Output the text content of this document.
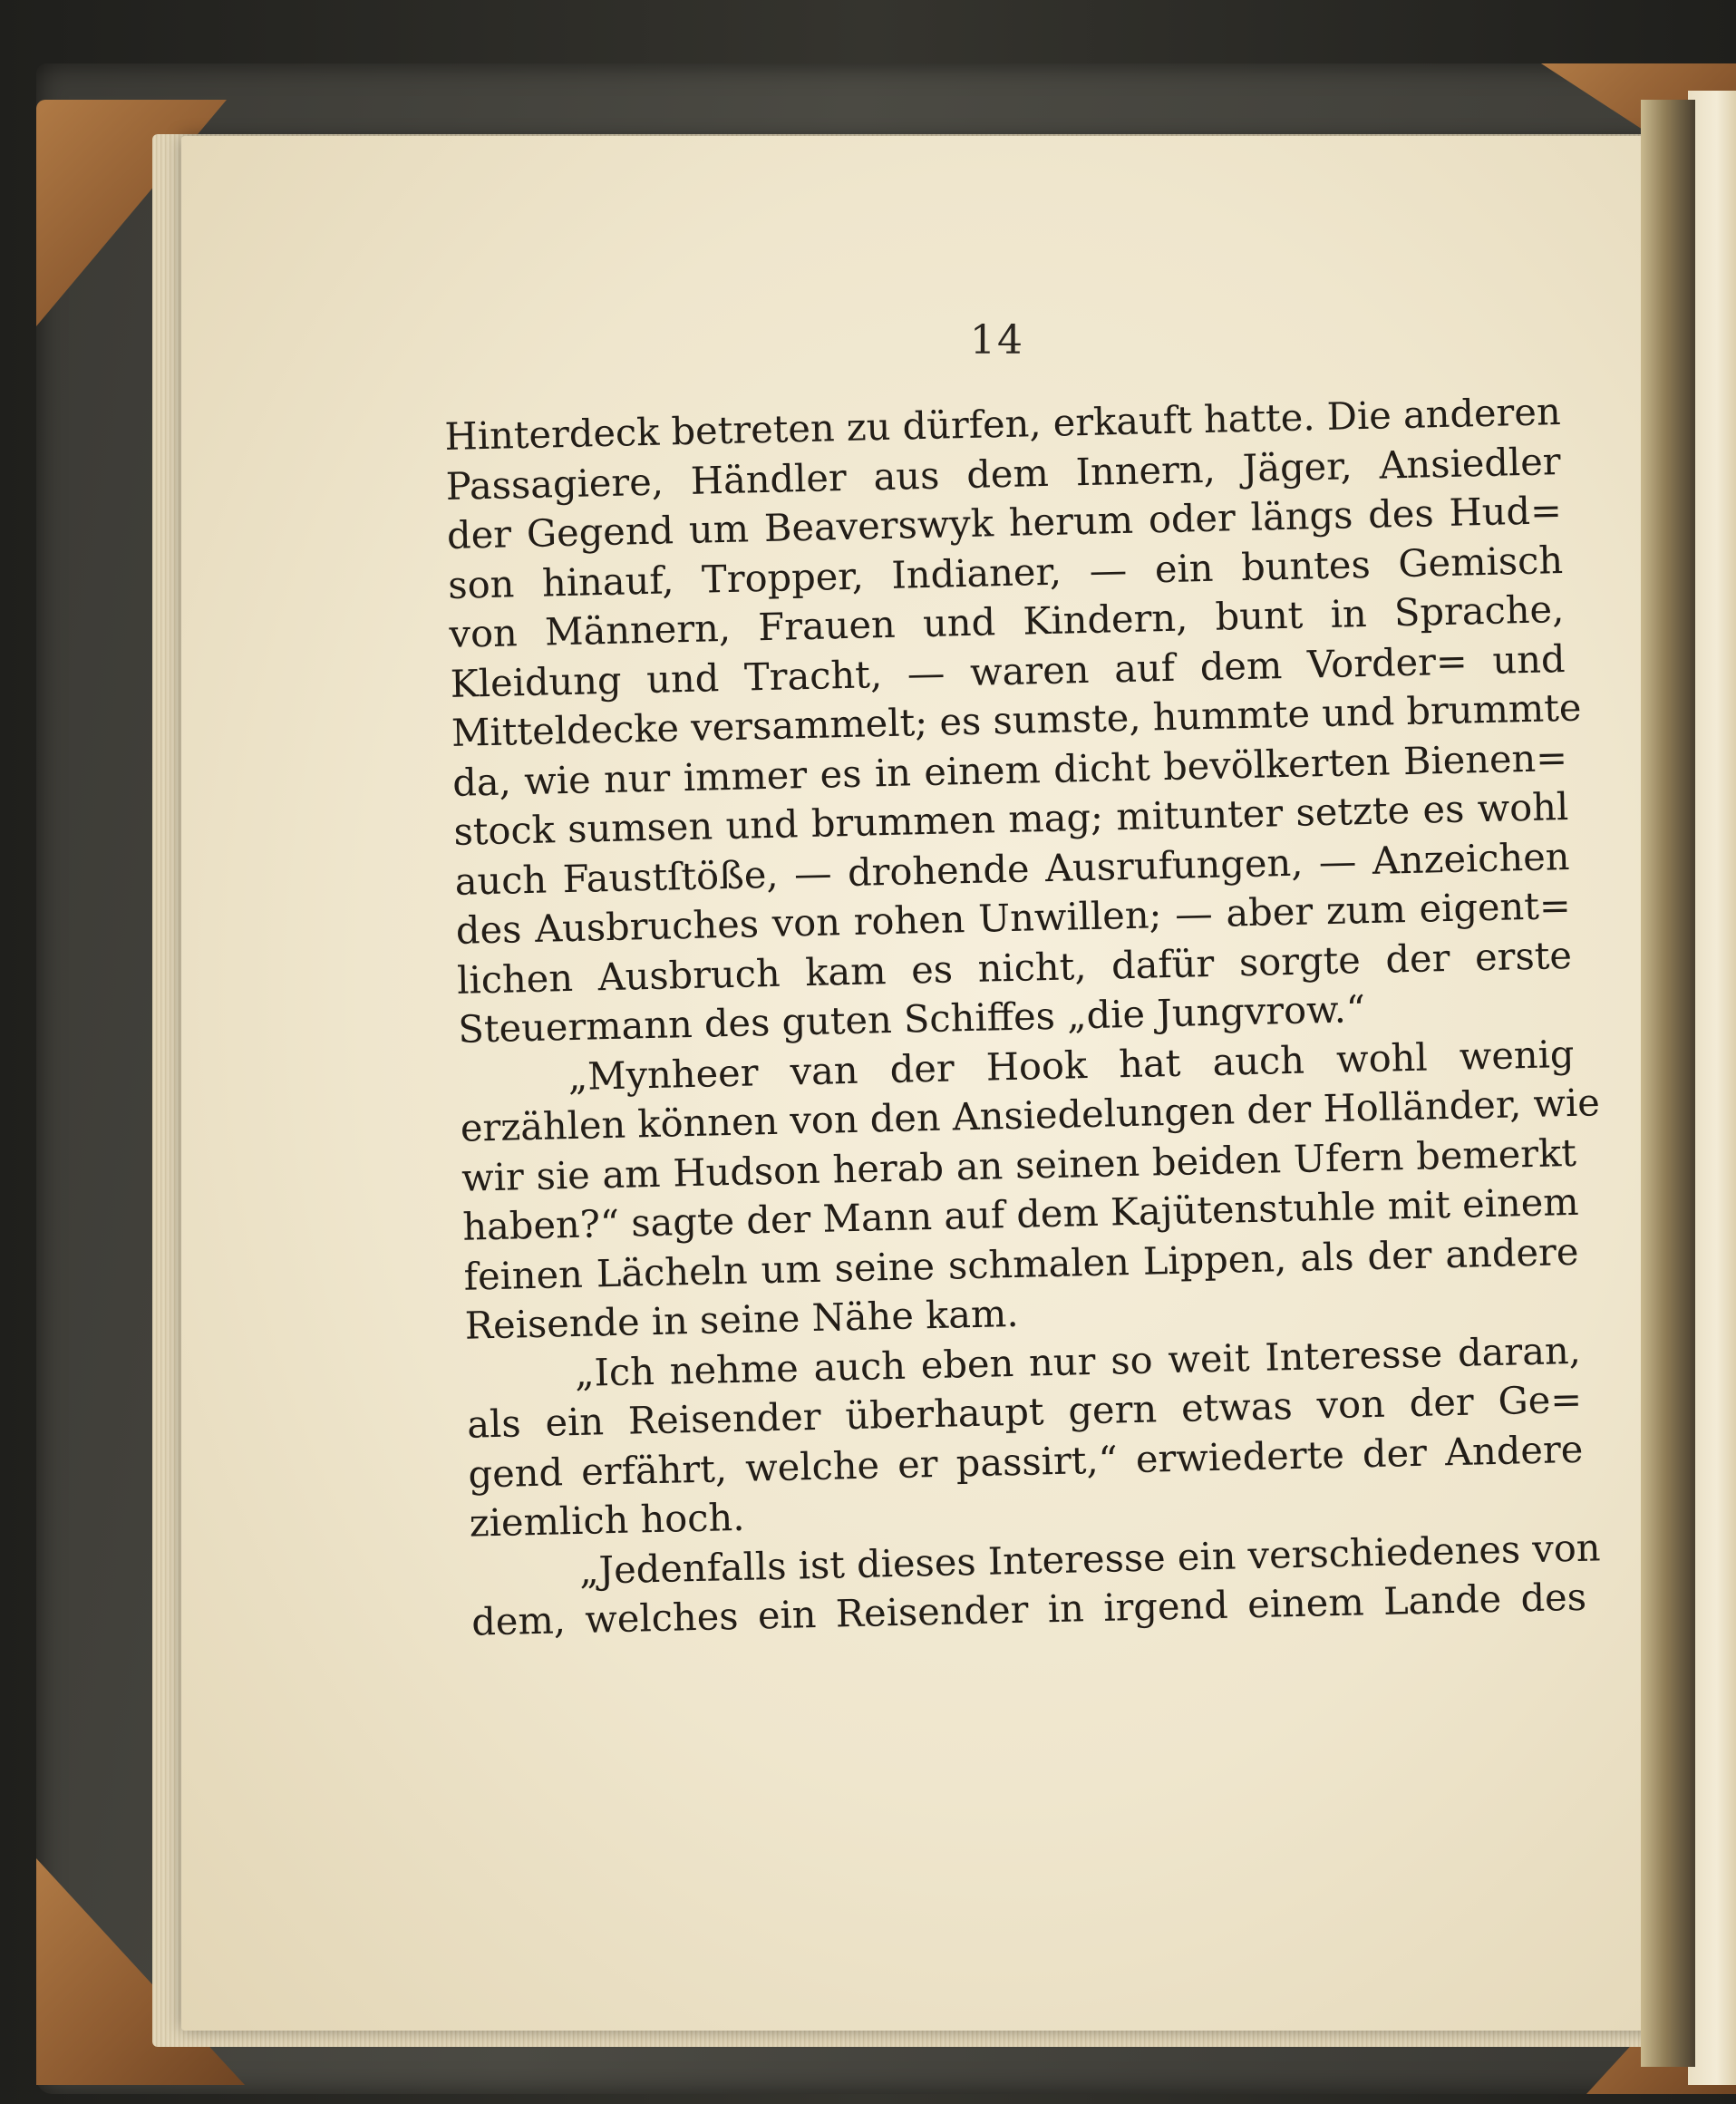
14
Hinterdeck betreten zu dürfen, erkauft hatte. Die anderen
Passagiere, Händler aus dem Innern, Jäger, Ansiedler
der Gegend um Beaverswyk herum oder längs des Hud=
son hinauf, Tropper, Indianer, — ein buntes Gemisch
von Männern, Frauen und Kindern, bunt in Sprache,
Kleidung und Tracht, — waren auf dem Vorder= und
Mitteldecke versammelt; es sumste, hummte und brummte
da, wie nur immer es in einem dicht bevölkerten Bienen=
stock sumsen und brummen mag; mitunter setzte es wohl
auch Faustſtöße, — drohende Ausrufungen, — Anzeichen
des Ausbruches von rohen Unwillen; — aber zum eigent=
lichen Ausbruch kam es nicht, dafür sorgte der erste
Steuermann des guten Schiffes „die Jungvrow.“
„Mynheer van der Hook hat auch wohl wenig
erzählen können von den Ansiedelungen der Holländer, wie
wir sie am Hudson herab an seinen beiden Ufern bemerkt
haben?“ sagte der Mann auf dem Kajütenstuhle mit einem
feinen Lächeln um seine schmalen Lippen, als der andere
Reisende in seine Nähe kam.
„Ich nehme auch eben nur so weit Interesse daran,
als ein Reisender überhaupt gern etwas von der Ge=
gend erfährt, welche er passirt,“ erwiederte der Andere
ziemlich hoch.
„Jedenfalls ist dieses Interesse ein verschiedenes von
dem, welches ein Reisender in irgend einem Lande des
